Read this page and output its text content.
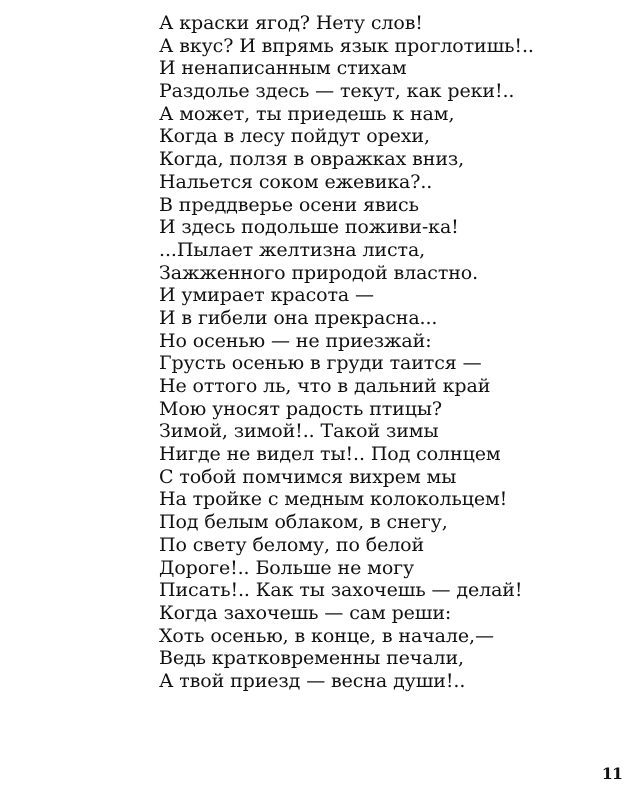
А краски ягод? Нету слов!
А вкус? И впрямь язык проглотишь!..
И ненаписанным стихам
Раздолье здесь — текут, как реки!..
А может, ты приедешь к нам,
Когда в лесу пойдут орехи,
Когда, ползя в овражках вниз,
Нальется соком ежевика?..
В преддверье осени явись
И здесь подольше поживи-ка!
...Пылает желтизна листа,
Зажженного природой властно.
И умирает красота —
И в гибели она прекрасна...
Но осенью — не приезжай:
Грусть осенью в груди таится —
Не оттого ль, что в дальний край
Мою уносят радость птицы?
Зимой, зимой!.. Такой зимы
Нигде не видел ты!.. Под солнцем
С тобой помчимся вихрем мы
На тройке с медным колокольцем!
Под белым облаком, в снегу,
По свету белому, по белой
Дороге!.. Больше не могу
Писать!.. Как ты захочешь — делай!
Когда захочешь — сам реши:
Хоть осенью, в конце, в начале,—
Ведь кратковременны печали,
А твой приезд — весна души!..
11
